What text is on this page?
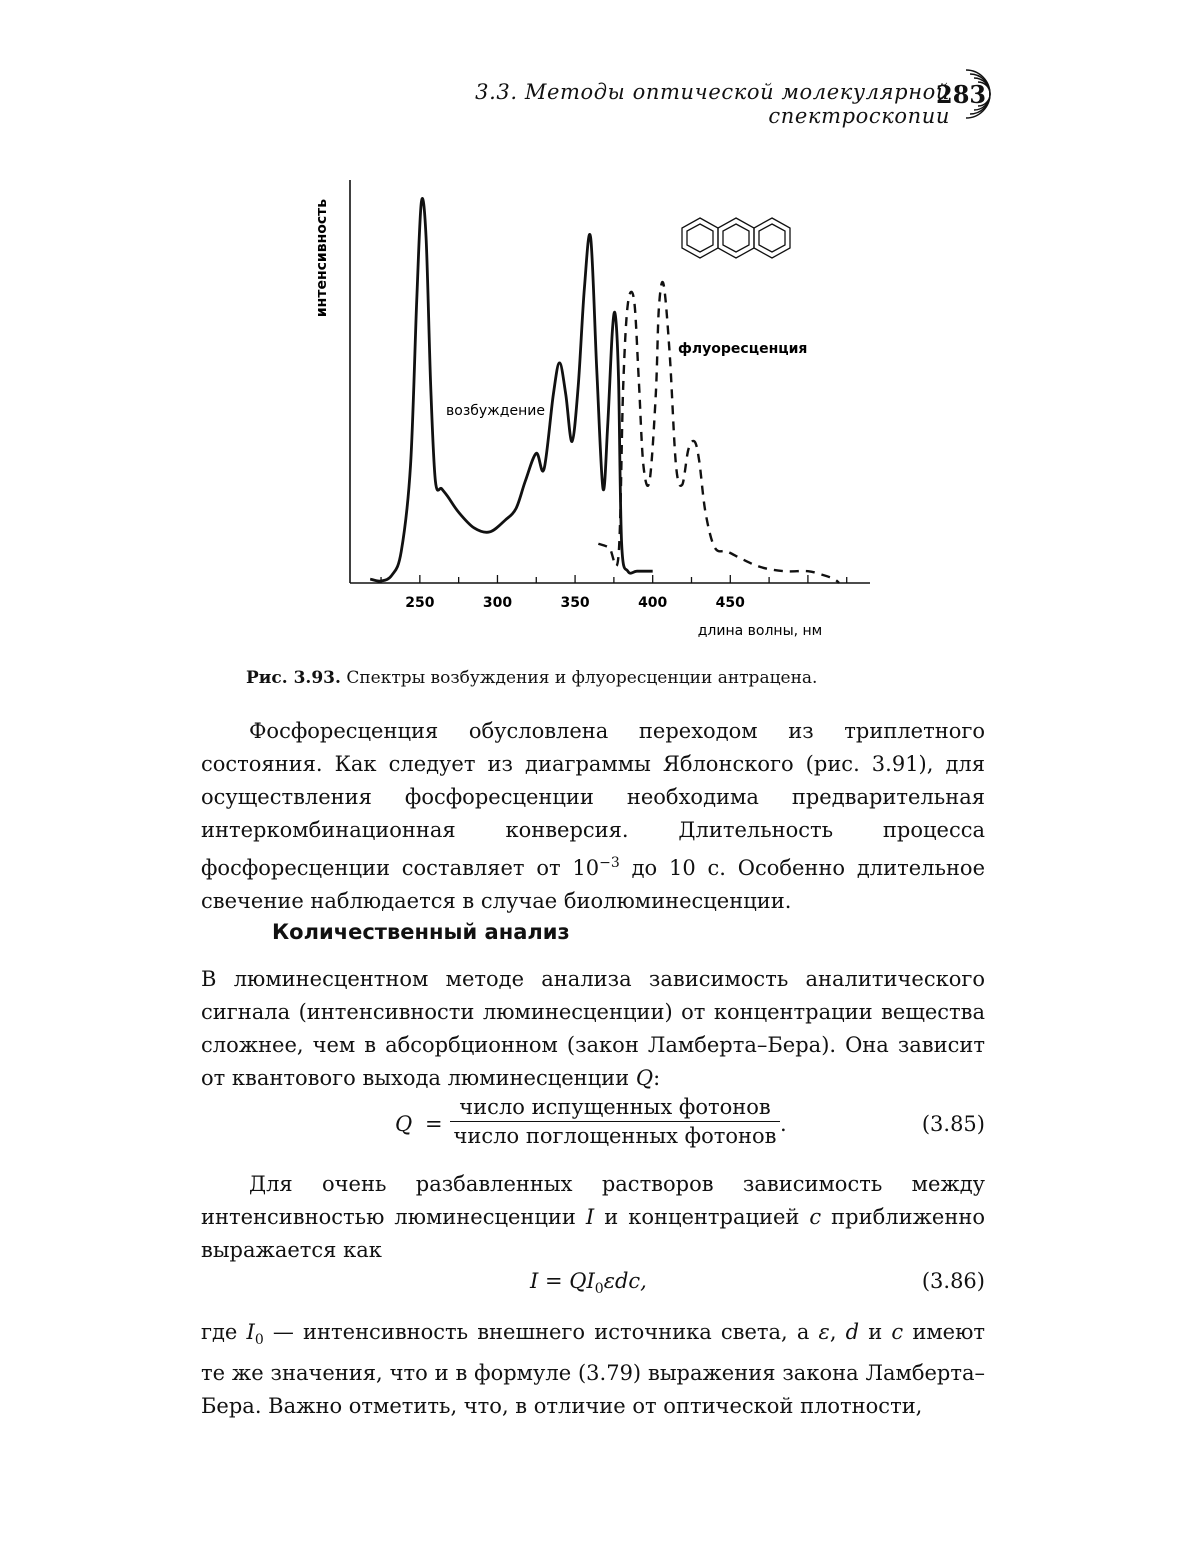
3.3. Методы оптической молекулярной спектроскопии
283
250	300	350	400	450
интенсивность
длина волны, нм
возбуждение
флуоресценция
Рис. 3.93. Спектры возбуждения и флуоресценции антрацена.
Фосфоресценция обусловлена переходом из триплетного состояния. Как следует из диаграммы Яблонского (рис. 3.91), для осуществления фосфоресценции необходима предварительная интеркомбинационная конверсия. Длительность процесса фосфоресценции составляет от $10^{-3}$ до 10 с. Особенно длительное свечение наблюдается в случае биолюминесценции.
Количественный анализ
В люминесцентном методе анализа зависимость аналитического сигнала (интенсивности люминесценции) от концентрации вещества сложнее, чем в абсорбционном (закон Ламберта–Бера). Она зависит от квантового выхода люминесценции Q:
Q =
число испущенных фотонов
число поглощенных фотонов .	(3.85)
Для очень разбавленных растворов зависимость между интенсивностью люминесценции I и концентрацией c приближенно выражается как
$I = QI_0\varepsilon dc$,	(3.86)
где $I_0$ — интенсивность внешнего источника света, а ε, d и c имеют те же значения, что и в формуле (3.79) выражения закона Ламберта–Бера. Важно отметить, что, в отличие от оптической плотности,
